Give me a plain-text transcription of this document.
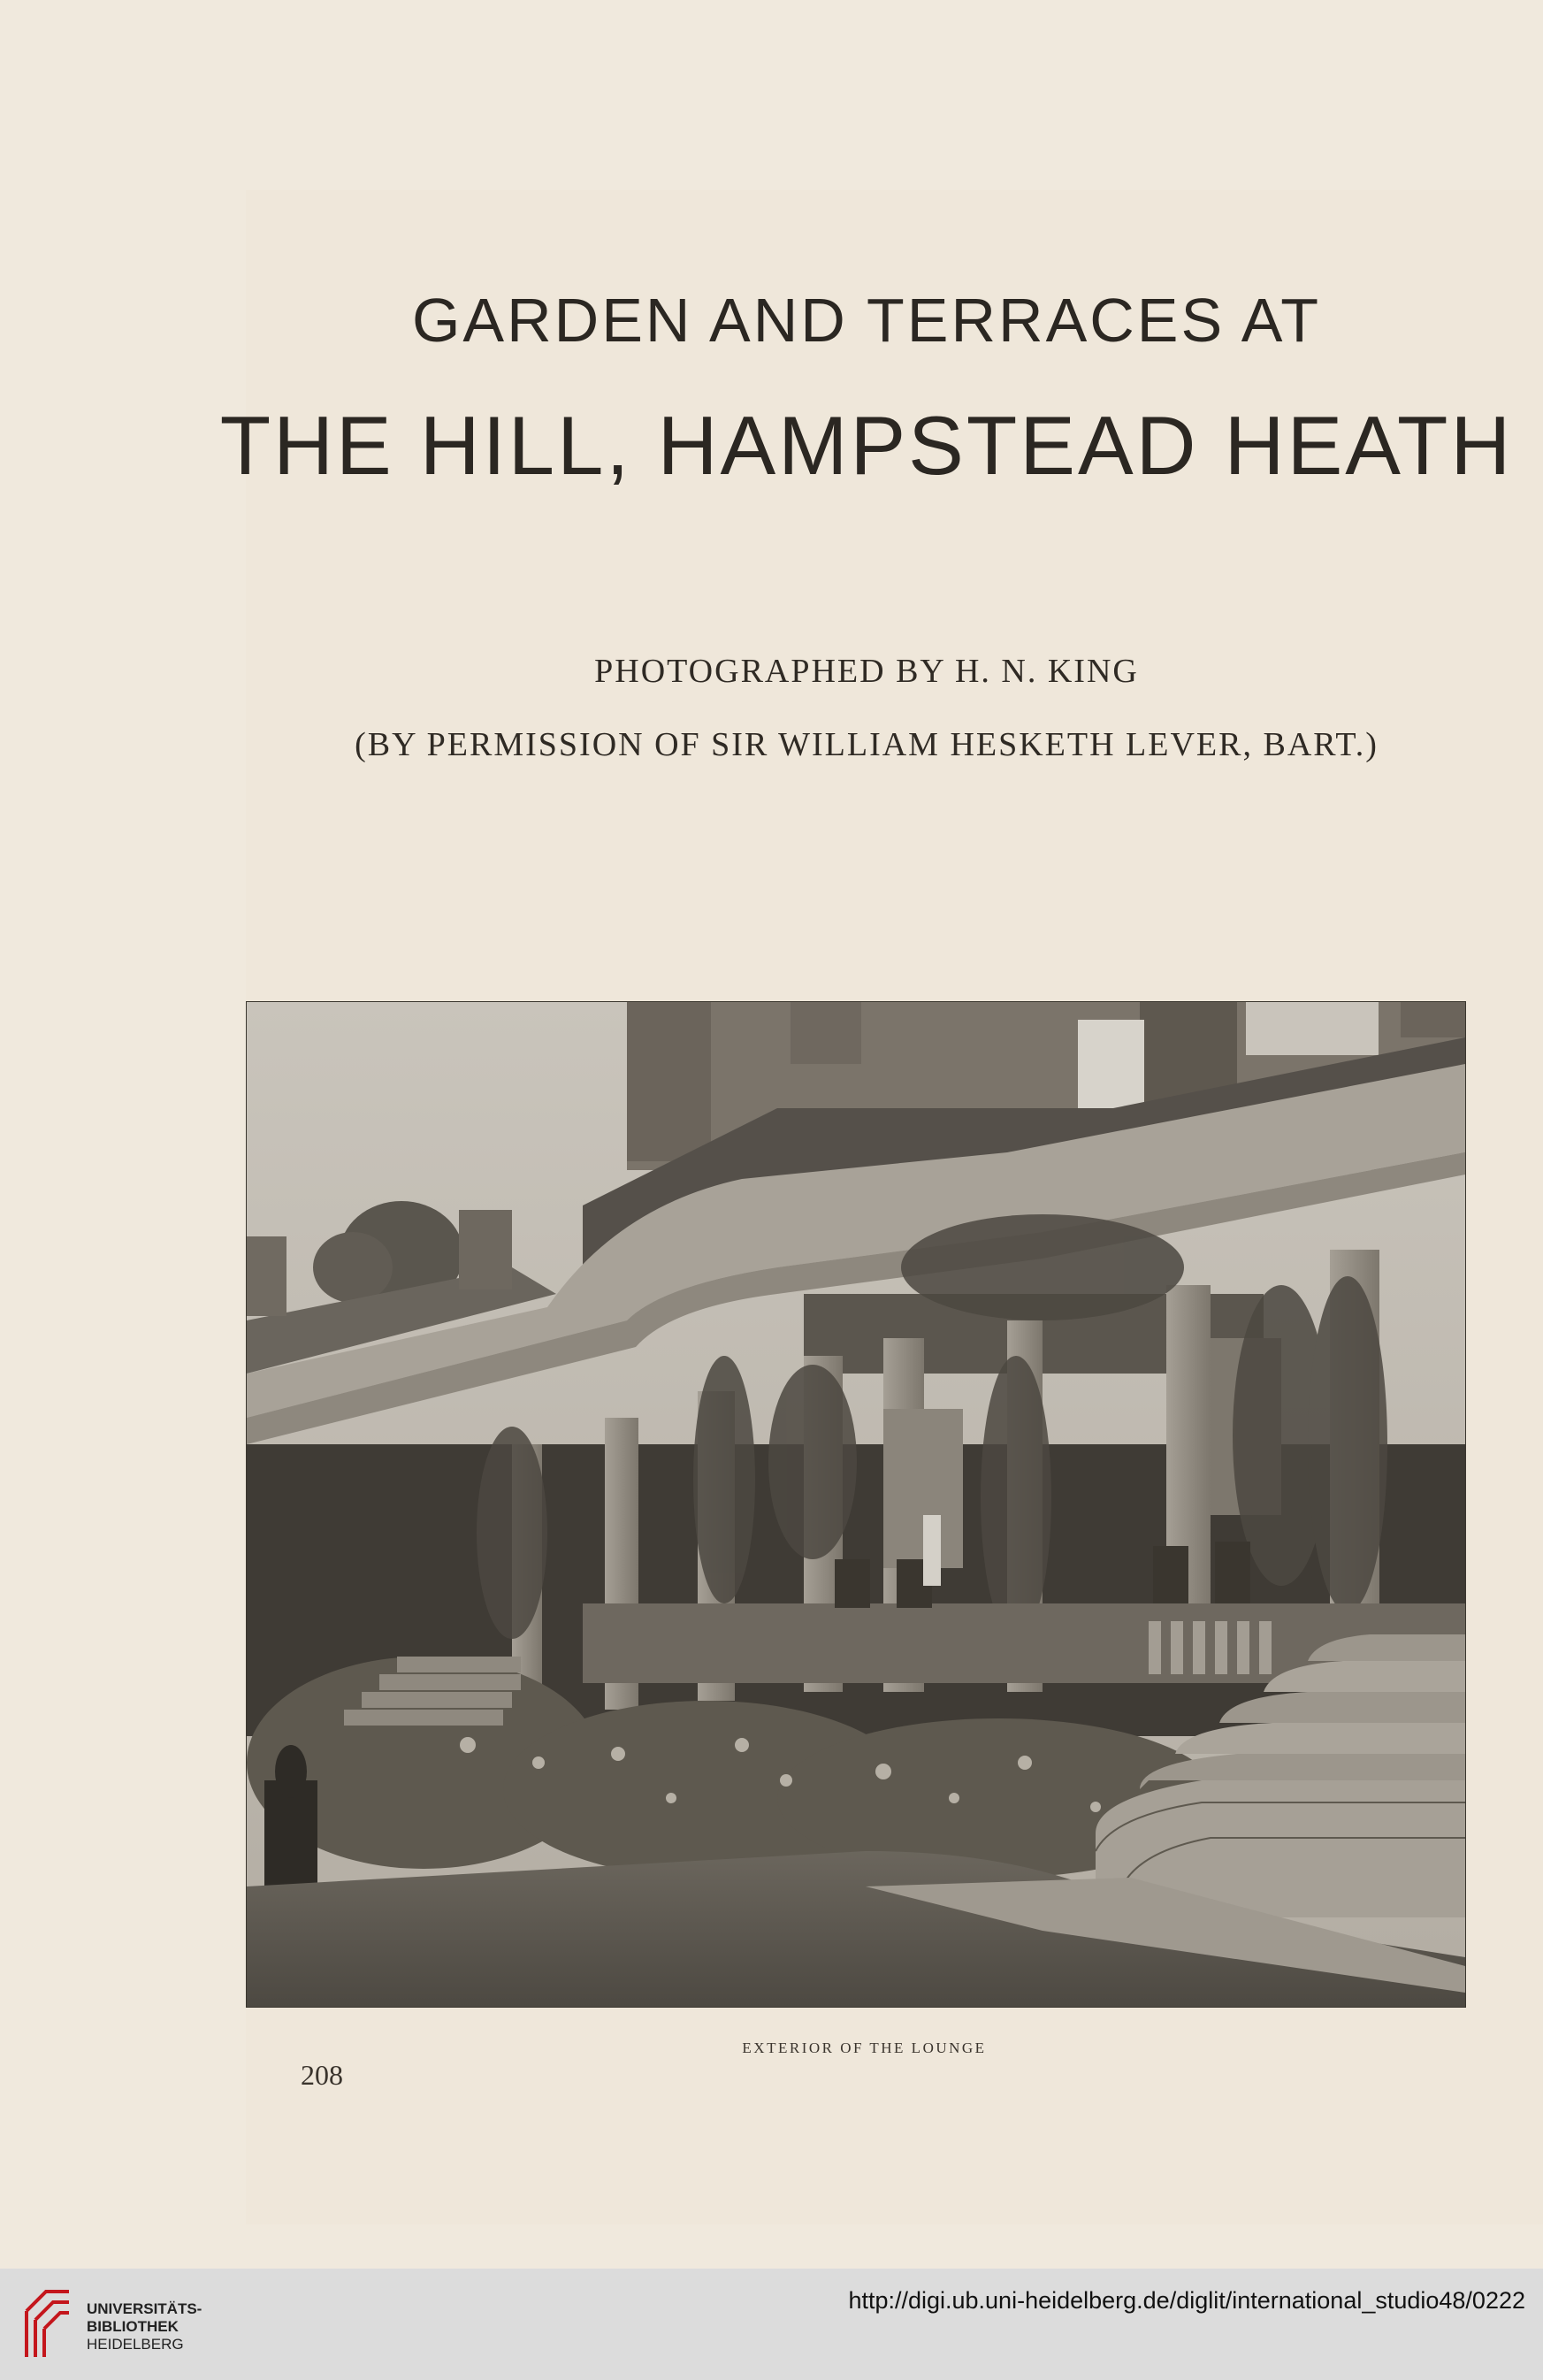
GARDEN AND TERRACES AT
THE HILL, HAMPSTEAD HEATH
PHOTOGRAPHED BY H. N. KING
(BY PERMISSION OF SIR WILLIAM HESKETH LEVER, BART.)
EXTERIOR OF THE LOUNGE
208
UNIVERSITÄTS-
BIBLIOTHEK
HEIDELBERG
http://digi.ub.uni-heidelberg.de/diglit/international_studio48/0222
